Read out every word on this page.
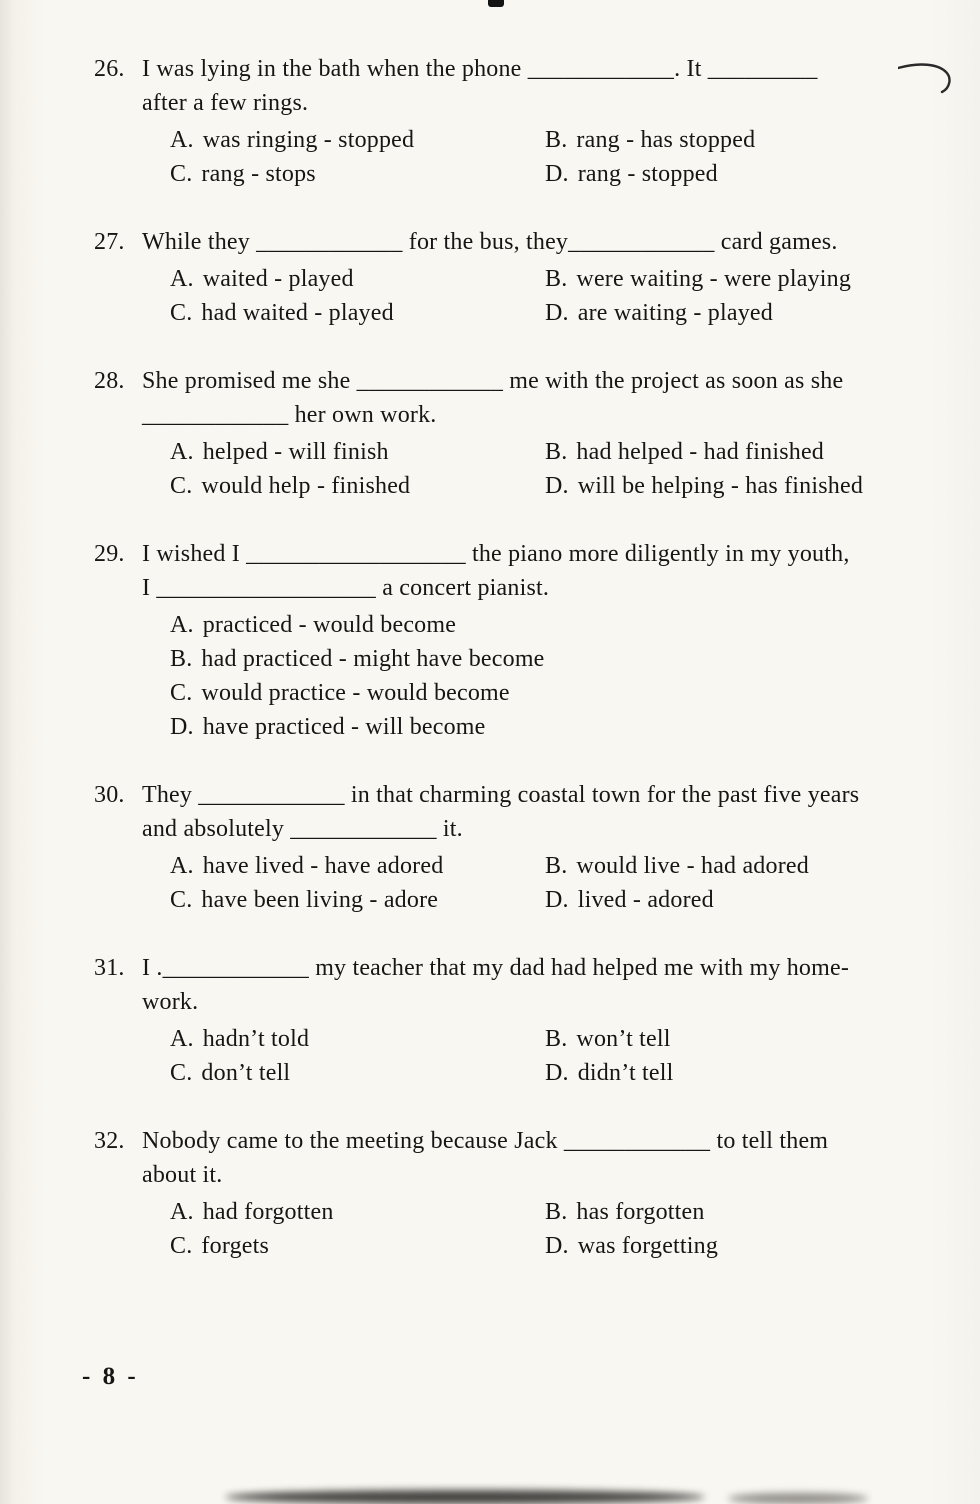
26. I was lying in the bath when the phone ____________. It _________
after a few rings.
A. was ringing - stopped	B. rang - has stopped
C. rang - stops	D. rang - stopped
27. While they ____________ for the bus, they____________ card games.
A. waited - played	B. were waiting - were playing
C. had waited - played	D. are waiting - played
28. She promised me she ____________ me with the project as soon as she
____________ her own work.
A. helped - will finish	B. had helped - had finished
C. would help - finished	D. will be helping - has finished
29. I wished I __________________ the piano more diligently in my youth,
I __________________ a concert pianist.
A. practiced - would become
B. had practiced - might have become
C. would practice - would become
D. have practiced - will become
30. They ____________ in that charming coastal town for the past five years
and absolutely ____________ it.
A. have lived - have adored	B. would live - had adored
C. have been living - adore	D. lived - adored
31. I .____________ my teacher that my dad had helped me with my home-
work.
A. hadn’t told	B. won’t tell
C. don’t tell	D. didn’t tell
32. Nobody came to the meeting because Jack ____________ to tell them
about it.
A. had forgotten	B. has forgotten
C. forgets	D. was forgetting
- 8 -
